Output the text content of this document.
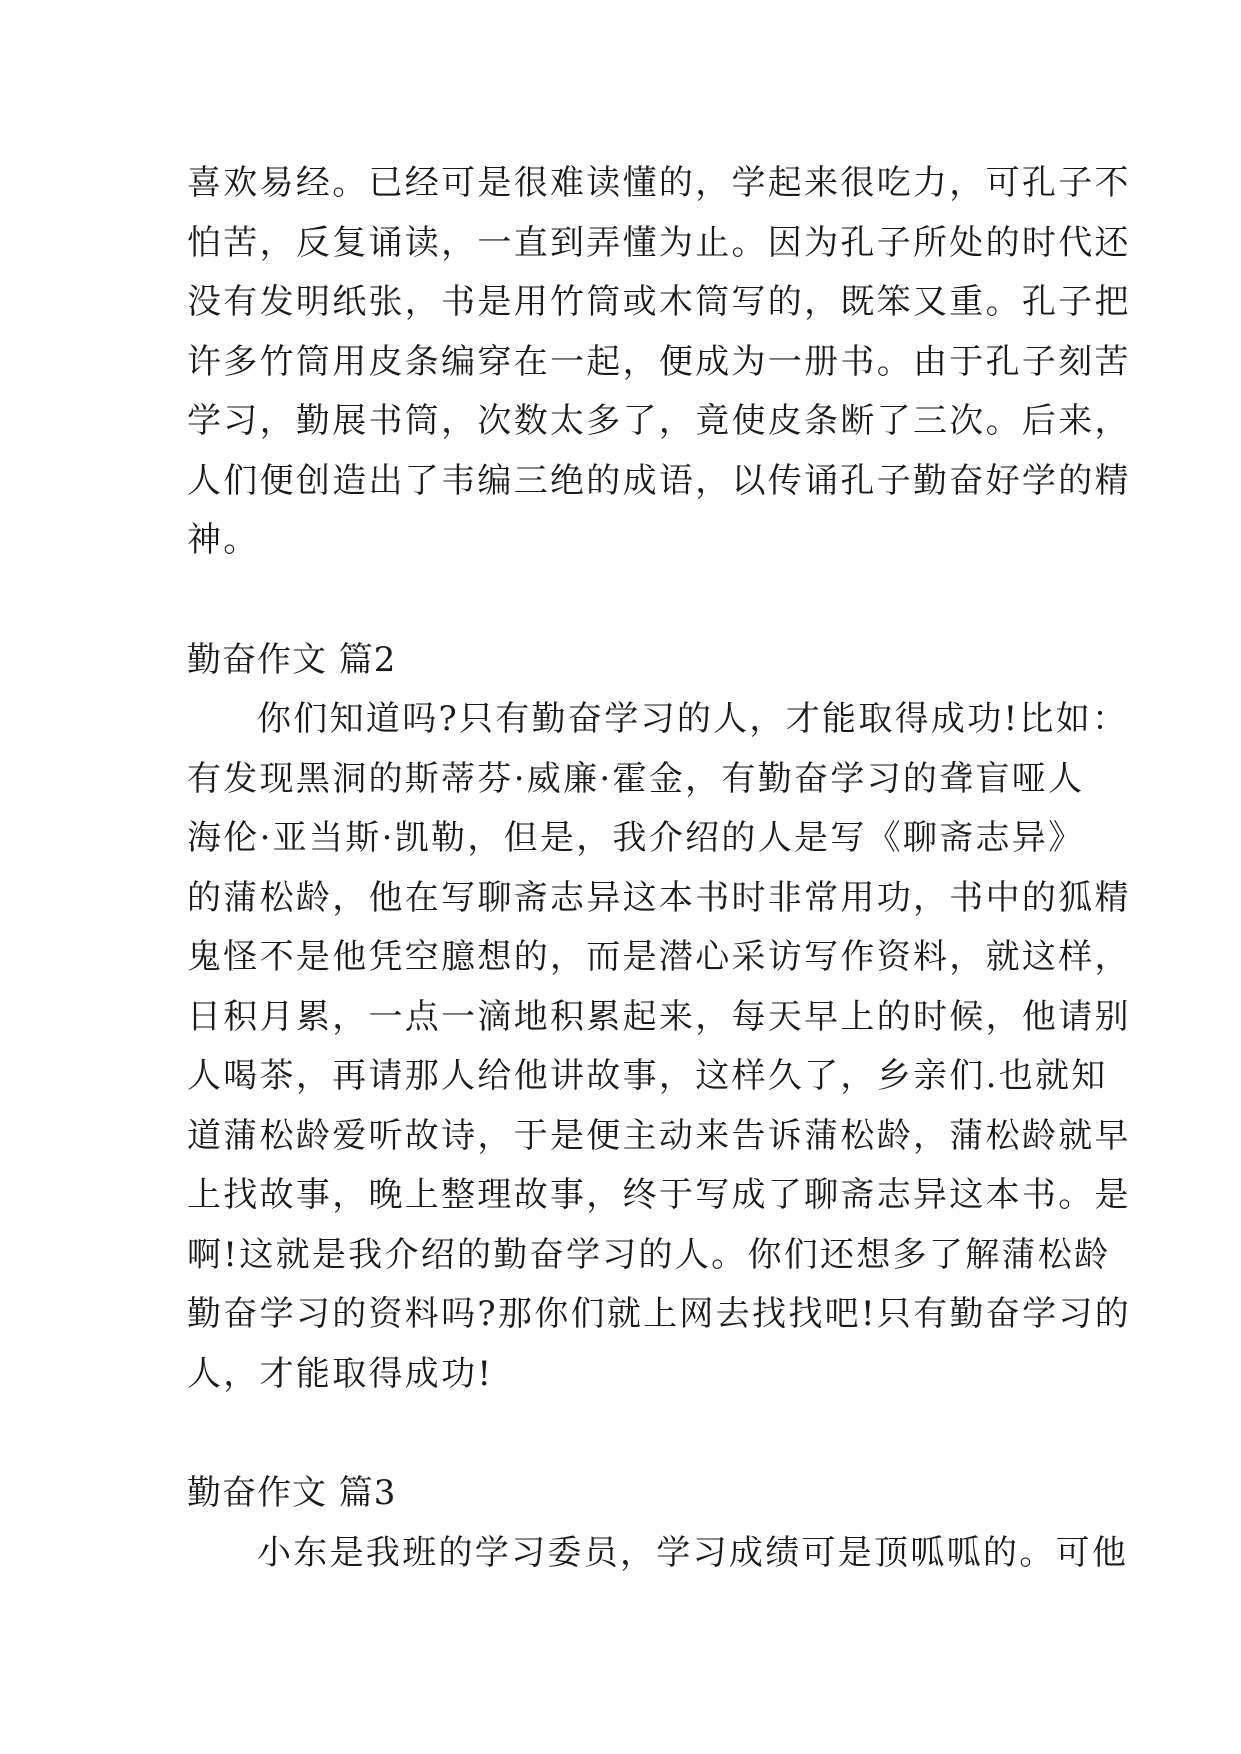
喜欢易经。已经可是很难读懂的，学起来很吃力，可孔子不
怕苦，反复诵读，一直到弄懂为止。因为孔子所处的时代还
没有发明纸张，书是用竹筒或木筒写的，既笨又重。孔子把
许多竹筒用皮条编穿在一起，便成为一册书。由于孔子刻苦
学习，勤展书筒，次数太多了，竟使皮条断了三次。后来，
人们便创造出了韦编三绝的成语，以传诵孔子勤奋好学的精
神。
勤奋作文 篇2
你们知道吗?只有勤奋学习的人，才能取得成功!比如：
有发现黑洞的斯蒂芬·威廉·霍金，有勤奋学习的聋盲哑人
海伦·亚当斯·凯勒，但是，我介绍的人是写《聊斋志异》
的蒲松龄，他在写聊斋志异这本书时非常用功，书中的狐精
鬼怪不是他凭空臆想的，而是潜心采访写作资料，就这样，
日积月累，一点一滴地积累起来，每天早上的时候，他请别
人喝茶，再请那人给他讲故事，这样久了，乡亲们.也就知
道蒲松龄爱听故诗，于是便主动来告诉蒲松龄，蒲松龄就早
上找故事，晚上整理故事，终于写成了聊斋志异这本书。是
啊!这就是我介绍的勤奋学习的人。你们还想多了解蒲松龄
勤奋学习的资料吗?那你们就上网去找找吧!只有勤奋学习的
人，才能取得成功!
勤奋作文 篇3
小东是我班的学习委员，学习成绩可是顶呱呱的。可他
